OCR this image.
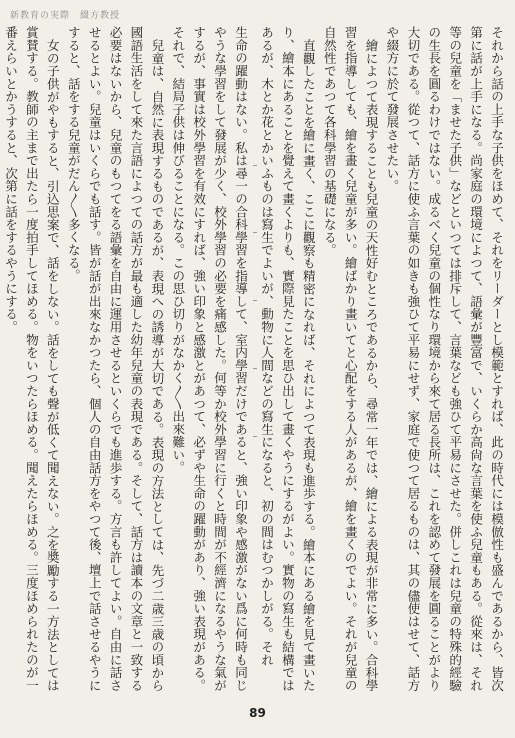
新教育の実際　綴方教授

それから話の上手な子供をほめて、それをリーダーとし模範とすれば、此の時代には模倣性も盛んであるから、皆次第に話が上手になる。尚家庭の環境によつて、語彙が豐富で、いくらか高尙な言葉を使ふ兒童もある。從來は、それ等の兒童を「ませた子供」などといつては排斥して、言葉なども強ひて平易にさせた。併しこれは兒童の特殊的經驗の生長を圓るわけではない。成るべく兒童の個性なり環境から來て居る長所は、これを認めて發展を圓ることがより大切である。從つて、話方に使ふ言葉の如きも強ひて平易にせず、家庭で使つて居るものは、其の儘使はせて、話方や綴方に於て發展させたい。

繪によつて表現することも兒童の天性好むところであるから、尋常一年では、繪による表現が非常に多い。合科學習を指導しても、繪を畫く兒童が多い。繪ばかり畫いてと心配をする人があるが、繪を畫くのでよい。それが兒童の自然性であつて各科學習の基礎になる。

直觀したことを繪に畫く、ここに觀察も精密になれば、それによつて表現も進歩する。繪本にある繪を見て畫いたり、繪本にあることを覺えて畫くよりも、實際見たことを思ひ出して畫くやうにするがよい。實物の寫生も結構ではあるが、木とか花とかいふものは寫生でよいが、動物に人間などの寫生になると、初の間はむつかしがる。それ

生命の躍動はない。私は尋一の合科學習を指導して、室内學習だけであると、強い印象や感激がない爲に何時も同じやうな學習をして發展が少く、校外學習の必要を痛感した。何等か校外學習に行くと時間が不經濟になるやうな氣がするが、事實は校外學習を有效にすれば、強い印象と感激とがあつて、必ずや生命の躍動があり、強い表現がある。それで、結局子供は伸びることになる。この思ひ切りがなかく〳〵出來難い。

兒童は、自然に表現するものであるが、表現への誘導が大切である。表現の方法としては、先づ二歳三歳の頃から國語生活をして來た言語によつての話方が最も適した幼年兒童の表現である。そして、話方は讀本の文章と一致する必要はないから、兒童のもつてをる語彙を自由に運用させるといくらでも進歩する。方言も許してよい。自由に話させるとよい。兒童はいくらでも話す。皆が話が出來なかつたら、個人の自由話方をやつて後、壇上で話させるやうにすると、話をする兒童がだん〳〵多くなる。

女の子供がやもすると、引込思案で、話をしない。話をしても聲が低くて聞えない。之を奬勵する一方法としては賞賛する。教師の主まで出たら一度拍手してほめる。物をいつたらほめる。聞えたらほめる。三度ほめられたのが一番えらいとかうすると、次第に話をするやうにする。

89
